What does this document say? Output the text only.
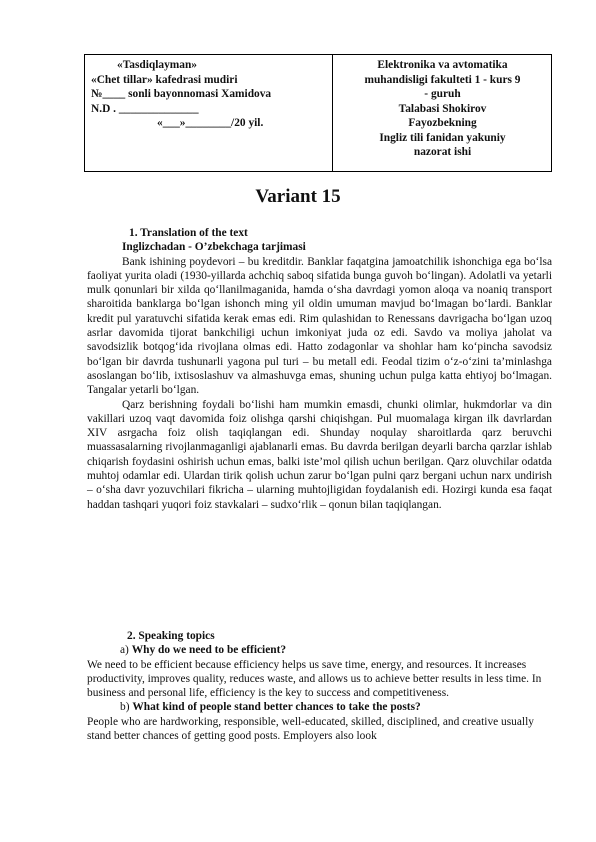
«Tasdiqlayman»
«Chet tillar» kafedrasi mudiri
№____ sonli bayonnomasi Xamidova
N.D . ______________
«___»________/20 yil.

Elektronika va avtomatika
muhandisligi fakulteti 1 - kurs 9
- guruh
Talabasi Shokirov
Fayozbekning
Ingliz tili fanidan yakuniy
nazorat ishi
Variant 15
1. Translation of the text
Inglizchadan - O’zbekchaga tarjimasi

Bank ishining poydevori – bu kreditdir. Banklar faqatgina jamoatchilik ishonchiga ega bo‘lsa faoliyat yurita oladi (1930-yillarda achchiq saboq sifatida bunga guvoh bo‘lingan). Adolatli va yetarli mulk qonunlari bir xilda qo‘llanilmaganida, hamda o‘sha davrdagi yomon aloqa va noaniq transport sharoitida banklarga bo‘lgan ishonch ming yil oldin umuman mavjud bo‘lmagan bo‘lardi. Banklar kredit pul yaratuvchi sifatida kerak emas edi. Rim qulashidan to Renessans davrigacha bo‘lgan uzoq asrlar davomida tijorat bankchiligi uchun imkoniyat juda oz edi. Savdo va moliya jaholat va savodsizlik botqog‘ida rivojlana olmas edi. Hatto zodagonlar va shohlar ham ko‘pincha savodsiz bo‘lgan bir davrda tushunarli yagona pul turi – bu metall edi. Feodal tizim o‘z-o‘zini ta’minlashga asoslangan bo‘lib, ixtisoslashuv va almashuvga emas, shuning uchun pulga katta ehtiyoj bo‘lmagan. Tangalar yetarli bo‘lgan.

Qarz berishning foydali bo‘lishi ham mumkin emasdi, chunki olimlar, hukmdorlar va din vakillari uzoq vaqt davomida foiz olishga qarshi chiqishgan. Pul muomalaga kirgan ilk davrlardan XIV asrgacha foiz olish taqiqlangan edi. Shunday noqulay sharoitlarda qarz beruvchi muassasalarning rivojlanmaganligi ajablanarli emas. Bu davrda berilgan deyarli barcha qarzlar ishlab chiqarish foydasini oshirish uchun emas, balki iste’mol qilish uchun berilgan. Qarz oluvchilar odatda muhtoj odamlar edi. Ulardan tirik qolish uchun zarur bo‘lgan pulni qarz bergani uchun narx undirish – o‘sha davr yozuvchilari fikricha – ularning muhtojligidan foydalanish edi. Hozirgi kunda esa faqat haddan tashqari yuqori foiz stavkalari – sudxo‘rlik – qonun bilan taqiqlangan.

2. Speaking topics
a) Why do we need to be efficient?

We need to be efficient because efficiency helps us save time, energy, and resources. It increases productivity, improves quality, reduces waste, and allows us to achieve better results in less time. In business and personal life, efficiency is the key to success and competitiveness.

b) What kind of people stand better chances to take the posts?

People who are hardworking, responsible, well-educated, skilled, disciplined, and creative usually stand better chances of getting good posts. Employers also look
